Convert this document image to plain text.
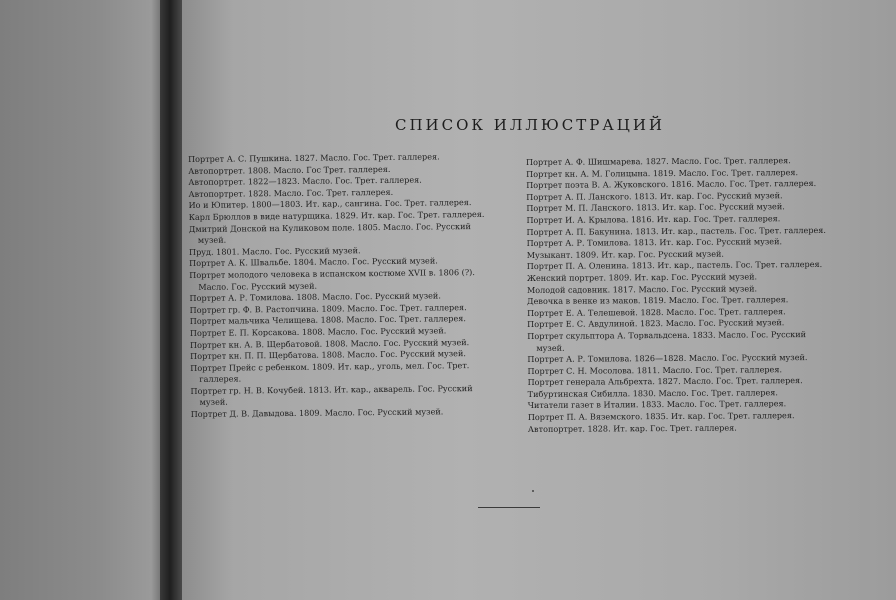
СПИСОК ИЛЛЮСТРАЦИЙ
Портрет А. С. Пушкина. 1827. Масло. Гос. Трет. галлерея.
Автопортрет. 1808. Масло. Гос Трет. галлерея.
Автопортрет. 1822—1823. Масло. Гос. Трет. галлерея.
Автопортрет. 1828. Масло. Гос. Трет. галлерея.
Ио и Юпитер. 1800—1803. Ит. кар., сангина. Гос. Трет. галлерея.
Карл Брюллов в виде натурщика. 1829. Ит. кар. Гос. Трет. галлерея.
Дмитрий Донской на Куликовом поле. 1805. Масло. Гос. Русский музей.
Пруд. 1801. Масло. Гос. Русский музей.
Портрет А. К. Швальбе. 1804. Масло. Гос. Русский музей.
Портрет молодого человека в испанском костюме XVII в. 1806 (?). Масло. Гос. Русский музей.
Портрет А. Р. Томилова. 1808. Масло. Гос. Русский музей.
Портрет гр. Ф. В. Растопчина. 1809. Масло. Гос. Трет. галлерея.
Портрет мальчика Челищева. 1808. Масло. Гос. Трет. галлерея.
Портрет Е. П. Корсакова. 1808. Масло. Гос. Русский музей.
Портрет кн. А. В. Щербатовой. 1808. Масло. Гос. Русский музей.
Портрет кн. П. П. Щербатова. 1808. Масло. Гос. Русский музей.
Портрет Прейс с ребенком. 1809. Ит. кар., уголь, мел. Гос. Трет. галлерея.
Портрет гр. Н. В. Кочубей. 1813. Ит. кар., акварель. Гос. Русский музей.
Портрет Д. В. Давыдова. 1809. Масло. Гос. Русский музей.
Портрет А. Ф. Шишмарева. 1827. Масло. Гос. Трет. галлерея.
Портрет кн. А. М. Голицына. 1819. Масло. Гос. Трет. галлерея.
Портрет поэта В. А. Жуковского. 1816. Масло. Гос. Трет. галлерея.
Портрет А. П. Ланского. 1813. Ит. кар. Гос. Русский музей.
Портрет М. П. Ланского. 1813. Ит. кар. Гос. Русский музей.
Портрет И. А. Крылова. 1816. Ит. кар. Гос. Трет. галлерея.
Портрет А. П. Бакунина. 1813. Ит. кар., пастель. Гос. Трет. галлерея.
Портрет А. Р. Томилова. 1813. Ит. кар. Гос. Русский музей.
Музыкант. 1809. Ит. кар. Гос. Русский музей.
Портрет П. А. Оленина. 1813. Ит. кар., пастель. Гос. Трет. галлерея.
Женский портрет. 1809. Ит. кар. Гос. Русский музей.
Молодой садовник. 1817. Масло. Гос. Русский музей.
Девочка в венке из маков. 1819. Масло. Гос. Трет. галлерея.
Портрет Е. А. Телешевой. 1828. Масло. Гос. Трет. галлерея.
Портрет Е. С. Авдулиной. 1823. Масло. Гос. Русский музей.
Портрет скульптора А. Торвальдсена. 1833. Масло. Гос. Русский музей.
Портрет А. Р. Томилова. 1826—1828. Масло. Гос. Русский музей.
Портрет С. Н. Мосолова. 1811. Масло. Гос. Трет. галлерея.
Портрет генерала Альбрехта. 1827. Масло. Гос. Трет. галлерея.
Тибуртинская Сибилла. 1830. Масло. Гос. Трет. галлерея.
Читатели газет в Италии. 1833. Масло. Гос. Трет. галлерея.
Портрет П. А. Вяземского. 1835. Ит. кар. Гос. Трет. галлерея.
Автопортрет. 1828. Ит. кар. Гос. Трет. галлерея.
